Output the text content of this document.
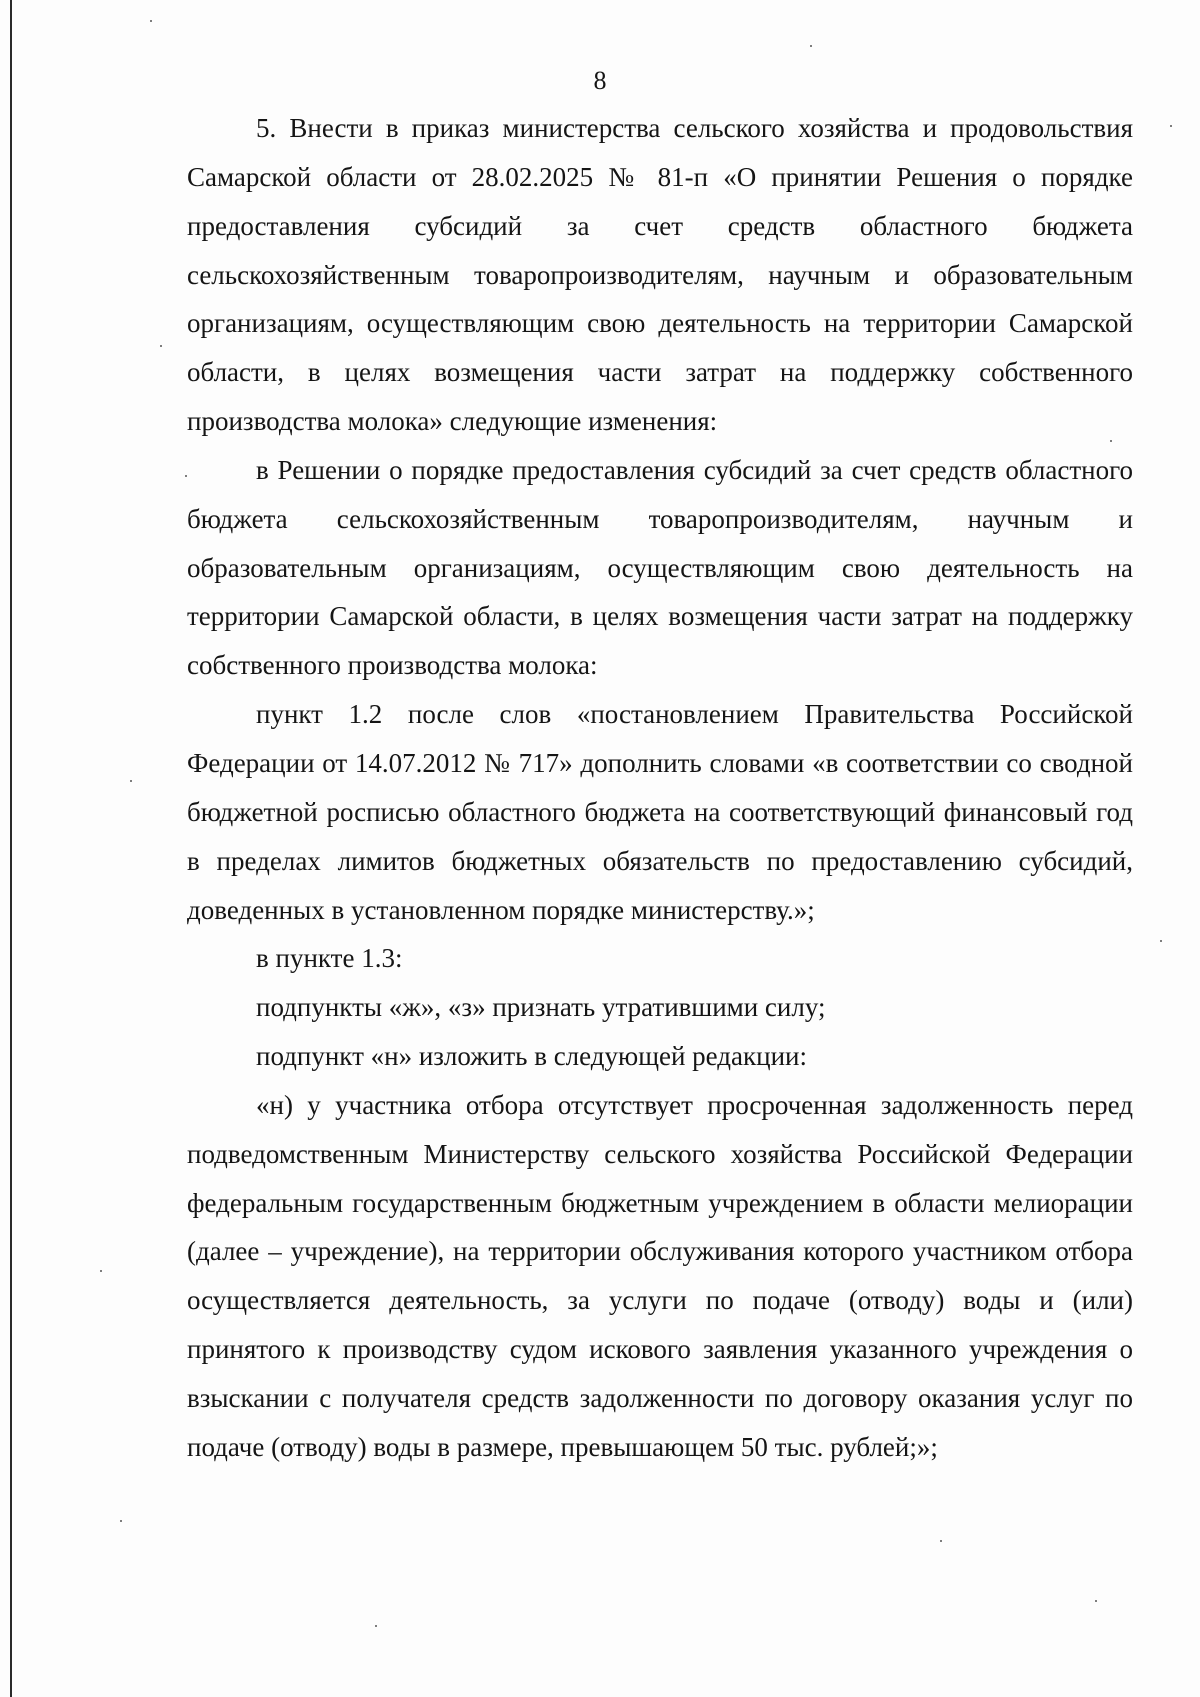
8

5. Внести в приказ министерства сельского хозяйства и продовольствия Самарской области от 28.02.2025 № 81-п «О принятии Решения о порядке предоставления субсидий за счет средств областного бюджета сельскохозяйственным товаропроизводителям, научным и образовательным организациям, осуществляющим свою деятельность на территории Самарской области, в целях возмещения части затрат на поддержку собственного производства молока» следующие изменения:

в Решении о порядке предоставления субсидий за счет средств областного бюджета сельскохозяйственным товаропроизводителям, научным и образовательным организациям, осуществляющим свою деятельность на территории Самарской области, в целях возмещения части затрат на поддержку собственного производства молока:

пункт 1.2 после слов «постановлением Правительства Российской Федерации от 14.07.2012 № 717» дополнить словами «в соответствии со сводной бюджетной росписью областного бюджета на соответствующий финансовый год в пределах лимитов бюджетных обязательств по предоставлению субсидий, доведенных в установленном порядке министерству.»;

в пункте 1.3:

подпункты «ж», «з» признать утратившими силу;

подпункт «н» изложить в следующей редакции:

«н) у участника отбора отсутствует просроченная задолженность перед подведомственным Министерству сельского хозяйства Российской Федерации федеральным государственным бюджетным учреждением в области мелиорации (далее – учреждение), на территории обслуживания которого участником отбора осуществляется деятельность, за услуги по подаче (отводу) воды и (или) принятого к производству судом искового заявления указанного учреждения о взыскании с получателя средств задолженности по договору оказания услуг по подаче (отводу) воды в размере, превышающем 50 тыс. рублей;»;
